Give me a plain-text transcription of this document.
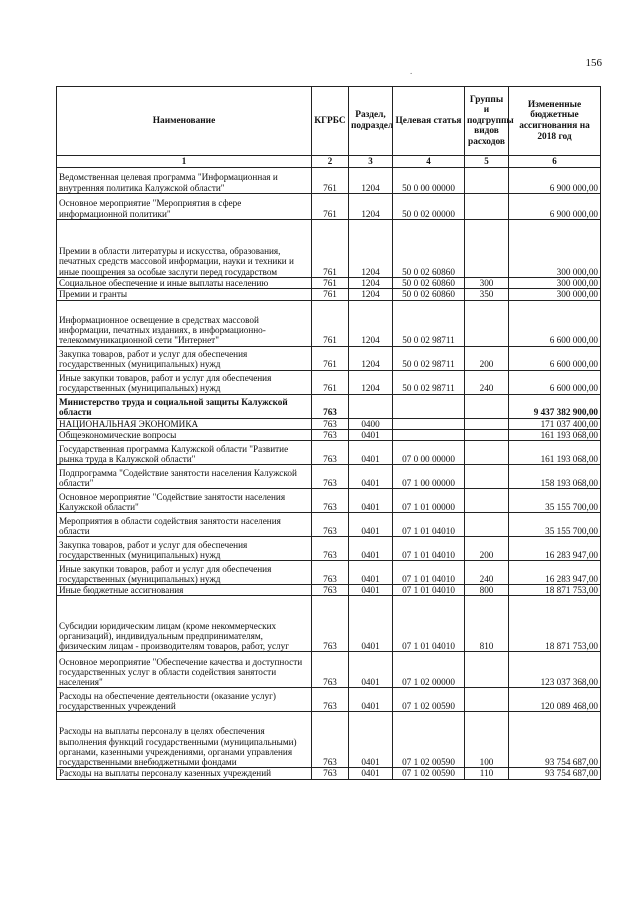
156
.
Наименование	КГРБС	Раздел, подраздел	Целевая статья	Группы и подгруппы видов расходов	Измененные бюджетные ассигнования на 2018 год
1	2	3	4	5	6
Ведомственная целевая программа "Информационная и внутренняя политика Калужской области"	761	1204	50 0 00 00000		6 900 000,00
Основное мероприятие "Мероприятия в сфере информационной политики"	761	1204	50 0 02 00000		6 900 000,00
Премии в области литературы и искусства, образования, печатных средств массовой информации, науки и техники и иные поощрения за особые заслуги перед государством	761	1204	50 0 02 60860		300 000,00
Социальное обеспечение и иные выплаты населению	761	1204	50 0 02 60860	300	300 000,00
Премии и гранты	761	1204	50 0 02 60860	350	300 000,00
Информационное освещение в средствах массовой информации, печатных изданиях, в информационно-телекоммуникационной сети "Интернет"	761	1204	50 0 02 98711		6 600 000,00
Закупка товаров, работ и услуг для обеспечения государственных (муниципальных) нужд	761	1204	50 0 02 98711	200	6 600 000,00
Иные закупки товаров, работ и услуг для обеспечения государственных (муниципальных) нужд	761	1204	50 0 02 98711	240	6 600 000,00
Министерство труда и социальной защиты Калужской области	763				9 437 382 900,00
НАЦИОНАЛЬНАЯ ЭКОНОМИКА	763	0400			171 037 400,00
Общеэкономические вопросы	763	0401			161 193 068,00
Государственная программа Калужской области "Развитие рынка труда в Калужской области"	763	0401	07 0 00 00000		161 193 068,00
Подпрограмма "Содействие занятости населения Калужской области"	763	0401	07 1 00 00000		158 193 068,00
Основное мероприятие "Содействие занятости населения Калужской области"	763	0401	07 1 01 00000		35 155 700,00
Мероприятия в области содействия занятости населения области	763	0401	07 1 01 04010		35 155 700,00
Закупка товаров, работ и услуг для обеспечения государственных (муниципальных) нужд	763	0401	07 1 01 04010	200	16 283 947,00
Иные закупки товаров, работ и услуг для обеспечения государственных (муниципальных) нужд	763	0401	07 1 01 04010	240	16 283 947,00
Иные бюджетные ассигнования	763	0401	07 1 01 04010	800	18 871 753,00
Субсидии юридическим лицам (кроме некоммерческих организаций), индивидуальным предпринимателям, физическим лицам - производителям товаров, работ, услуг	763	0401	07 1 01 04010	810	18 871 753,00
Основное мероприятие "Обеспечение качества и доступности государственных услуг в области содействия занятости населения"	763	0401	07 1 02 00000		123 037 368,00
Расходы на обеспечение деятельности (оказание услуг) государственных учреждений	763	0401	07 1 02 00590		120 089 468,00
Расходы на выплаты персоналу в целях обеспечения выполнения функций государственными (муниципальными) органами, казенными учреждениями, органами управления государственными внебюджетными фондами	763	0401	07 1 02 00590	100	93 754 687,00
Расходы на выплаты персоналу казенных учреждений	763	0401	07 1 02 00590	110	93 754 687,00
